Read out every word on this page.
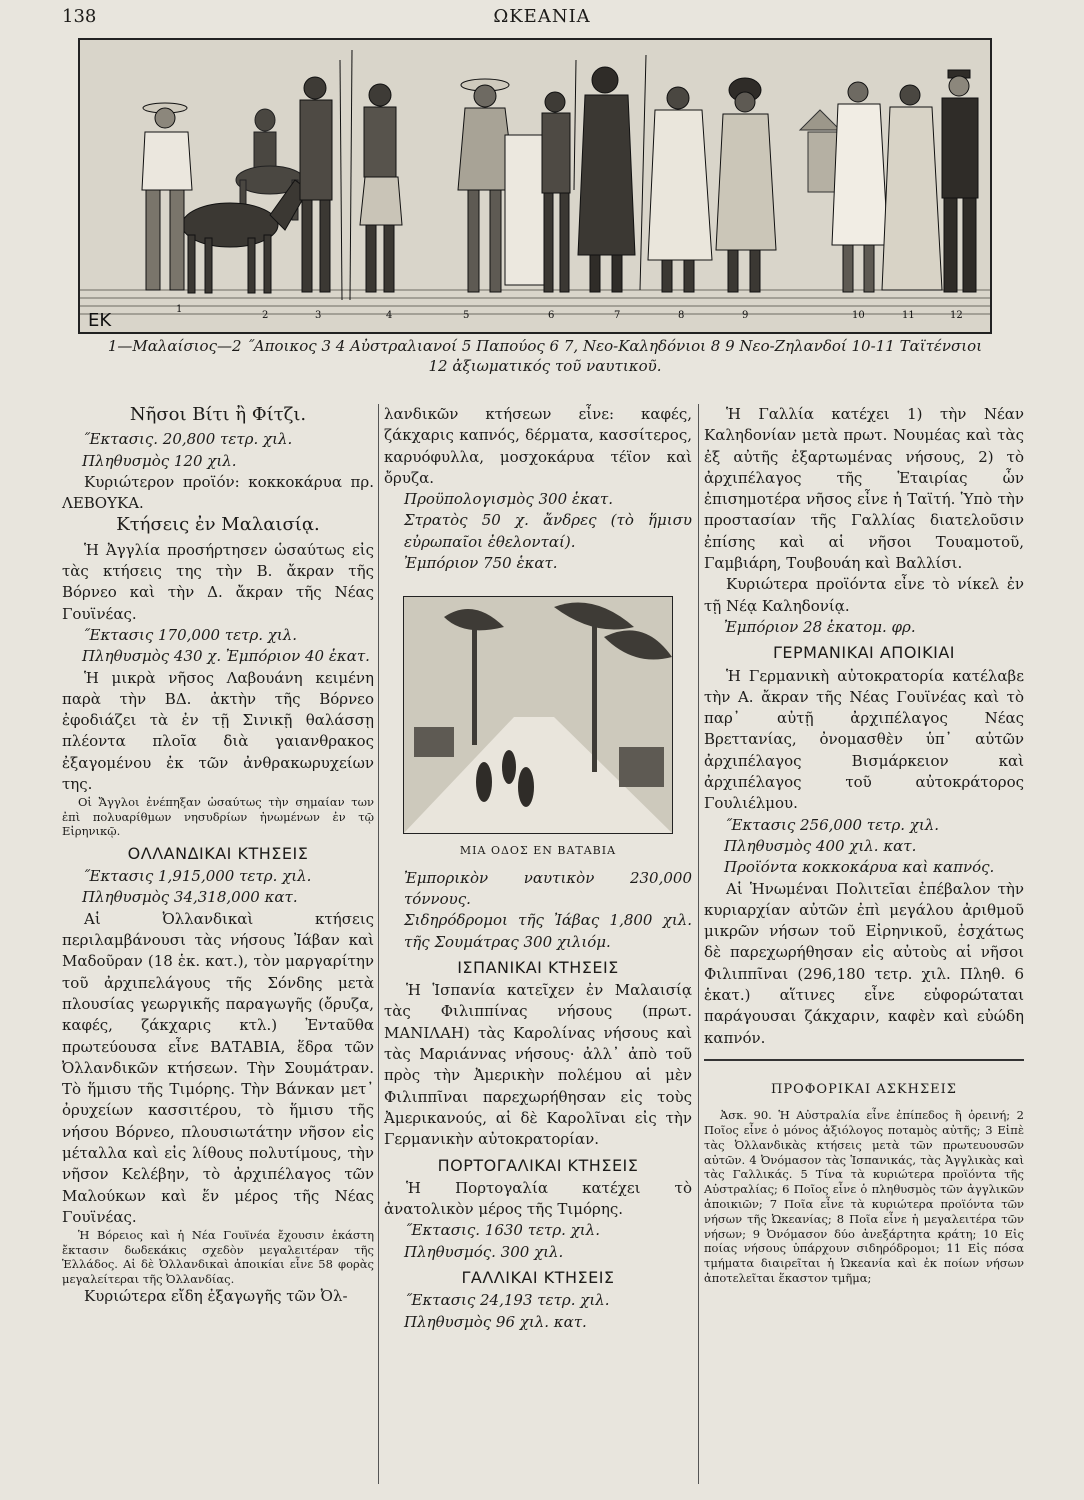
138	ΩΚΕΑΝΙΑ
EK
1
2	3	4	5	6	7	8	9	10	11	12
1—Μαλαίσιος—2 ˝Αποικος 3 4 Αὐστραλιανοί 5 Παπούος 6 7, Νεο-Καληδόνιοι 8 9 Νεο-Ζηλανδοί 10-11 Ταϊτένσιοι
12 ἀξιωματικός τοῦ ναυτικοῦ.

Νῆσοι Βίτι ἢ Φίτζι.

˝Εκτασις. 20,800 τετρ. χιλ.

Πληθυσμὸς 120 χιλ.

Κυριώτερον προϊόν: κοκκοκάρυα πρ. ΛΕΒΟΥΚΑ.

Κτήσεις ἐν Μαλαισίᾳ.

Ἡ Ἀγγλία προσήρτησεν ὡσαύτως εἰς τὰς κτήσεις της τὴν Β. ἄκραν τῆς Βόρνεο καὶ τὴν Δ. ἄκραν τῆς Νέας Γουϊνέας.

˝Εκτασις 170,000 τετρ. χιλ.

Πληθυσμὸς 430 χ. Ἐμπόριον 40 ἑκατ.

Ἡ μικρὰ νῆσος Λαβουάνη κειμένη παρὰ τὴν ΒΔ. ἀκτὴν τῆς Βόρνεο ἐφοδιάζει τὰ ἐν τῇ Σινικῇ θαλάσσῃ πλέοντα πλοῖα διὰ γαιανθρακος ἐξαγομένου ἐκ τῶν ἀνθρακωρυχείων της.

Οἱ Ἄγγλοι ἐνέπηξαν ὡσαύτως τὴν σημαίαν των ἐπὶ πολυαρίθμων νησυδρίων ἡνωμένων ἐν τῷ Εἰρηνικῷ.

ΟΛΛΑΝΔΙΚΑΙ ΚΤΗΣΕΙΣ

˝Εκτασις 1,915,000 τετρ. χιλ.

Πληθυσμὸς 34,318,000 κατ.

Αἱ Ὀλλανδικαὶ κτήσεις περιλαμβάνουσι τὰς νήσους Ἰάβαν καὶ Μαδοῦραν (18 ἑκ. κατ.), τὸν μαργαρίτην τοῦ ἀρχιπελάγους τῆς Σόνδης μετὰ πλουσίας γεωργικῆς παραγωγῆς (ὄρυζα, καφές, ζάκχαρις κτλ.) Ἐνταῦθα πρωτεύουσα εἶνε ΒΑΤΑΒΙΑ, ἕδρα τῶν Ὀλλανδικῶν κτήσεων. Τὴν Σουμάτραν. Τὸ ἥμισυ τῆς Τιμόρης. Τὴν Βάνκαν μετ᾽ ὀρυχείων κασσιτέρου, τὸ ἥμισυ τῆς νήσου Βόρνεο, πλουσιωτάτην νῆσον εἰς μέταλλα καὶ εἰς λίθους πολυτίμους, τὴν νῆσον Κελέβην, τὸ ἀρχιπέλαγος τῶν Μαλούκων καὶ ἕν μέρος τῆς Νέας Γουϊνέας.

Ἡ Βόρειος καὶ ἡ Νέα Γουϊνέα ἔχουσιν ἑκάστη ἔκτασιν δωδεκάκις σχεδὸν μεγαλειτέραν τῆς Ἑλλάδος. Αἱ δὲ Ὀλλανδικαὶ ἀποικίαι εἶνε 58 φορὰς μεγαλείτεραι τῆς Ὀλλανδίας.

Κυριώτερα εἴδη ἐξαγωγῆς τῶν Ὀλ-

λανδικῶν κτήσεων εἶνε: καφές, ζάκχαρις καπνός, δέρματα, κασσίτερος, καρυόφυλλα, μοσχοκάρυα τέϊον καὶ ὄρυζα.

Προϋπολογισμὸς 300 ἑκατ.

Στρατὸς 50 χ. ἄνδρες (τὸ ἥμισυ εὐρωπαῖοι ἐθελονταί).

Ἐμπόριον 750 ἑκατ.

ΜΙΑ ΟΔΟΣ ΕΝ ΒΑΤΑΒΙΑ

Ἐμπορικὸν ναυτικὸν 230,000 τόννους.

Σιδηρόδρομοι τῆς Ἰάβας 1,800 χιλ. τῆς Σουμάτρας 300 χιλιόμ.

ΙΣΠΑΝΙΚΑΙ ΚΤΗΣΕΙΣ

Ἡ Ἱσπανία κατεῖχεν ἐν Μαλαισίᾳ τὰς Φιλιππίνας νήσους (πρωτ. ΜΑΝΙΛΑΗ) τὰς Καρολίνας νήσους καὶ τὰς Μαριάννας νήσους· ἀλλ᾽ ἀπὸ τοῦ πρὸς τὴν Ἀμερικὴν πολέμου αἱ μὲν Φιλιππῖναι παρεχωρήθησαν εἰς τοὺς Ἀμερικανούς, αἱ δὲ Καρολῖναι εἰς τὴν Γερμανικὴν αὐτοκρατορίαν.

ΠΟΡΤΟΓΑΛΙΚΑΙ ΚΤΗΣΕΙΣ

Ἡ Πορτογαλία κατέχει τὸ ἀνατολικὸν μέρος τῆς Τιμόρης.

˝Εκτασις. 1630 τετρ. χιλ.

Πληθυσμός. 300 χιλ.

ΓΑΛΛΙΚΑΙ ΚΤΗΣΕΙΣ

˝Εκτασις 24,193 τετρ. χιλ.

Πληθυσμὸς 96 χιλ. κατ.

Ἡ Γαλλία κατέχει 1) τὴν Νέαν Καληδονίαν μετὰ πρωτ. Νουμέας καὶ τὰς ἐξ αὐτῆς ἐξαρτωμένας νήσους, 2) τὸ ἀρχιπέλαγος τῆς Ἑταιρίας ὧν ἐπισημοτέρα νῆσος εἶνε ἡ Ταϊτή. Ὑπὸ τὴν προστασίαν τῆς Γαλλίας διατελοῦσιν ἐπίσης καὶ αἱ νῆσοι Τουαμοτοῦ, Γαμβιάρη, Τουβουάη καὶ Βαλλίσι.

Κυριώτερα προϊόντα εἶνε τὸ νίκελ ἐν τῇ Νέᾳ Καληδονίᾳ.

Ἐμπόριον 28 ἑκατομ. φρ.

ΓΕΡΜΑΝΙΚΑΙ ΑΠΟΙΚΙΑΙ

Ἡ Γερμανικὴ αὐτοκρατορία κατέλαβε τὴν Α. ἄκραν τῆς Νέας Γουϊνέας καὶ τὸ παρ᾽ αὐτῇ ἀρχιπέλαγος Νέας Βρεττανίας, ὀνομασθὲν ὑπ᾽ αὐτῶν ἀρχιπέλαγος Βισμάρκειον καὶ ἀρχιπέλαγος τοῦ αὐτοκράτορος Γουλιέλμου.

˝Εκτασις 256,000 τετρ. χιλ.

Πληθυσμὸς 400 χιλ. κατ.

Προϊόντα κοκκοκάρυα καὶ καπνός.

Αἱ Ἡνωμέναι Πολιτεῖαι ἐπέβαλον τὴν κυριαρχίαν αὐτῶν ἐπὶ μεγάλου ἀριθμοῦ μικρῶν νήσων τοῦ Εἰρηνικοῦ, ἐσχάτως δὲ παρεχωρήθησαν εἰς αὐτοὺς αἱ νῆσοι Φιλιππῖναι (296,180 τετρ. χιλ. Πληθ. 6 ἑκατ.) αἵτινες εἶνε εὐφορώταται παράγουσαι ζάκχαριν, καφὲν καὶ εὐώδη καπνόν.

ΠΡΟΦΟΡΙΚΑΙ ΑΣΚΗΣΕΙΣ

Ἀσκ. 90. Ἡ Αὐστραλία εἶνε ἐπίπεδος ἢ ὀρεινή; 2 Ποῖος εἶνε ὁ μόνος ἀξιόλογος ποταμὸς αὐτῆς; 3 Εἰπὲ τὰς Ὀλλανδικὰς κτήσεις μετὰ τῶν πρωτευουσῶν αὐτῶν. 4 Ὀνόμασον τὰς Ἱσπανικάς, τὰς Ἀγγλικὰς καὶ τὰς Γαλλικάς. 5 Τίνα τὰ κυριώτερα προϊόντα τῆς Αὐστραλίας; 6 Ποῖος εἶνε ὁ πληθυσμὸς τῶν ἀγγλικῶν ἀποικιῶν; 7 Ποῖα εἶνε τὰ κυριώτερα προϊόντα τῶν νήσων τῆς Ὠκεανίας; 8 Ποῖα εἶνε ἡ μεγαλειτέρα τῶν νήσων; 9 Ὀνόμασον δύο ἀνεξάρτητα κράτη; 10 Εἰς ποίας νήσους ὑπάρχουν σιδηρόδρομοι; 11 Εἰς πόσα τμήματα διαιρεῖται ἡ Ὠκεανία καὶ ἐκ ποίων νήσων ἀποτελεῖται ἕκαστον τμῆμα;
